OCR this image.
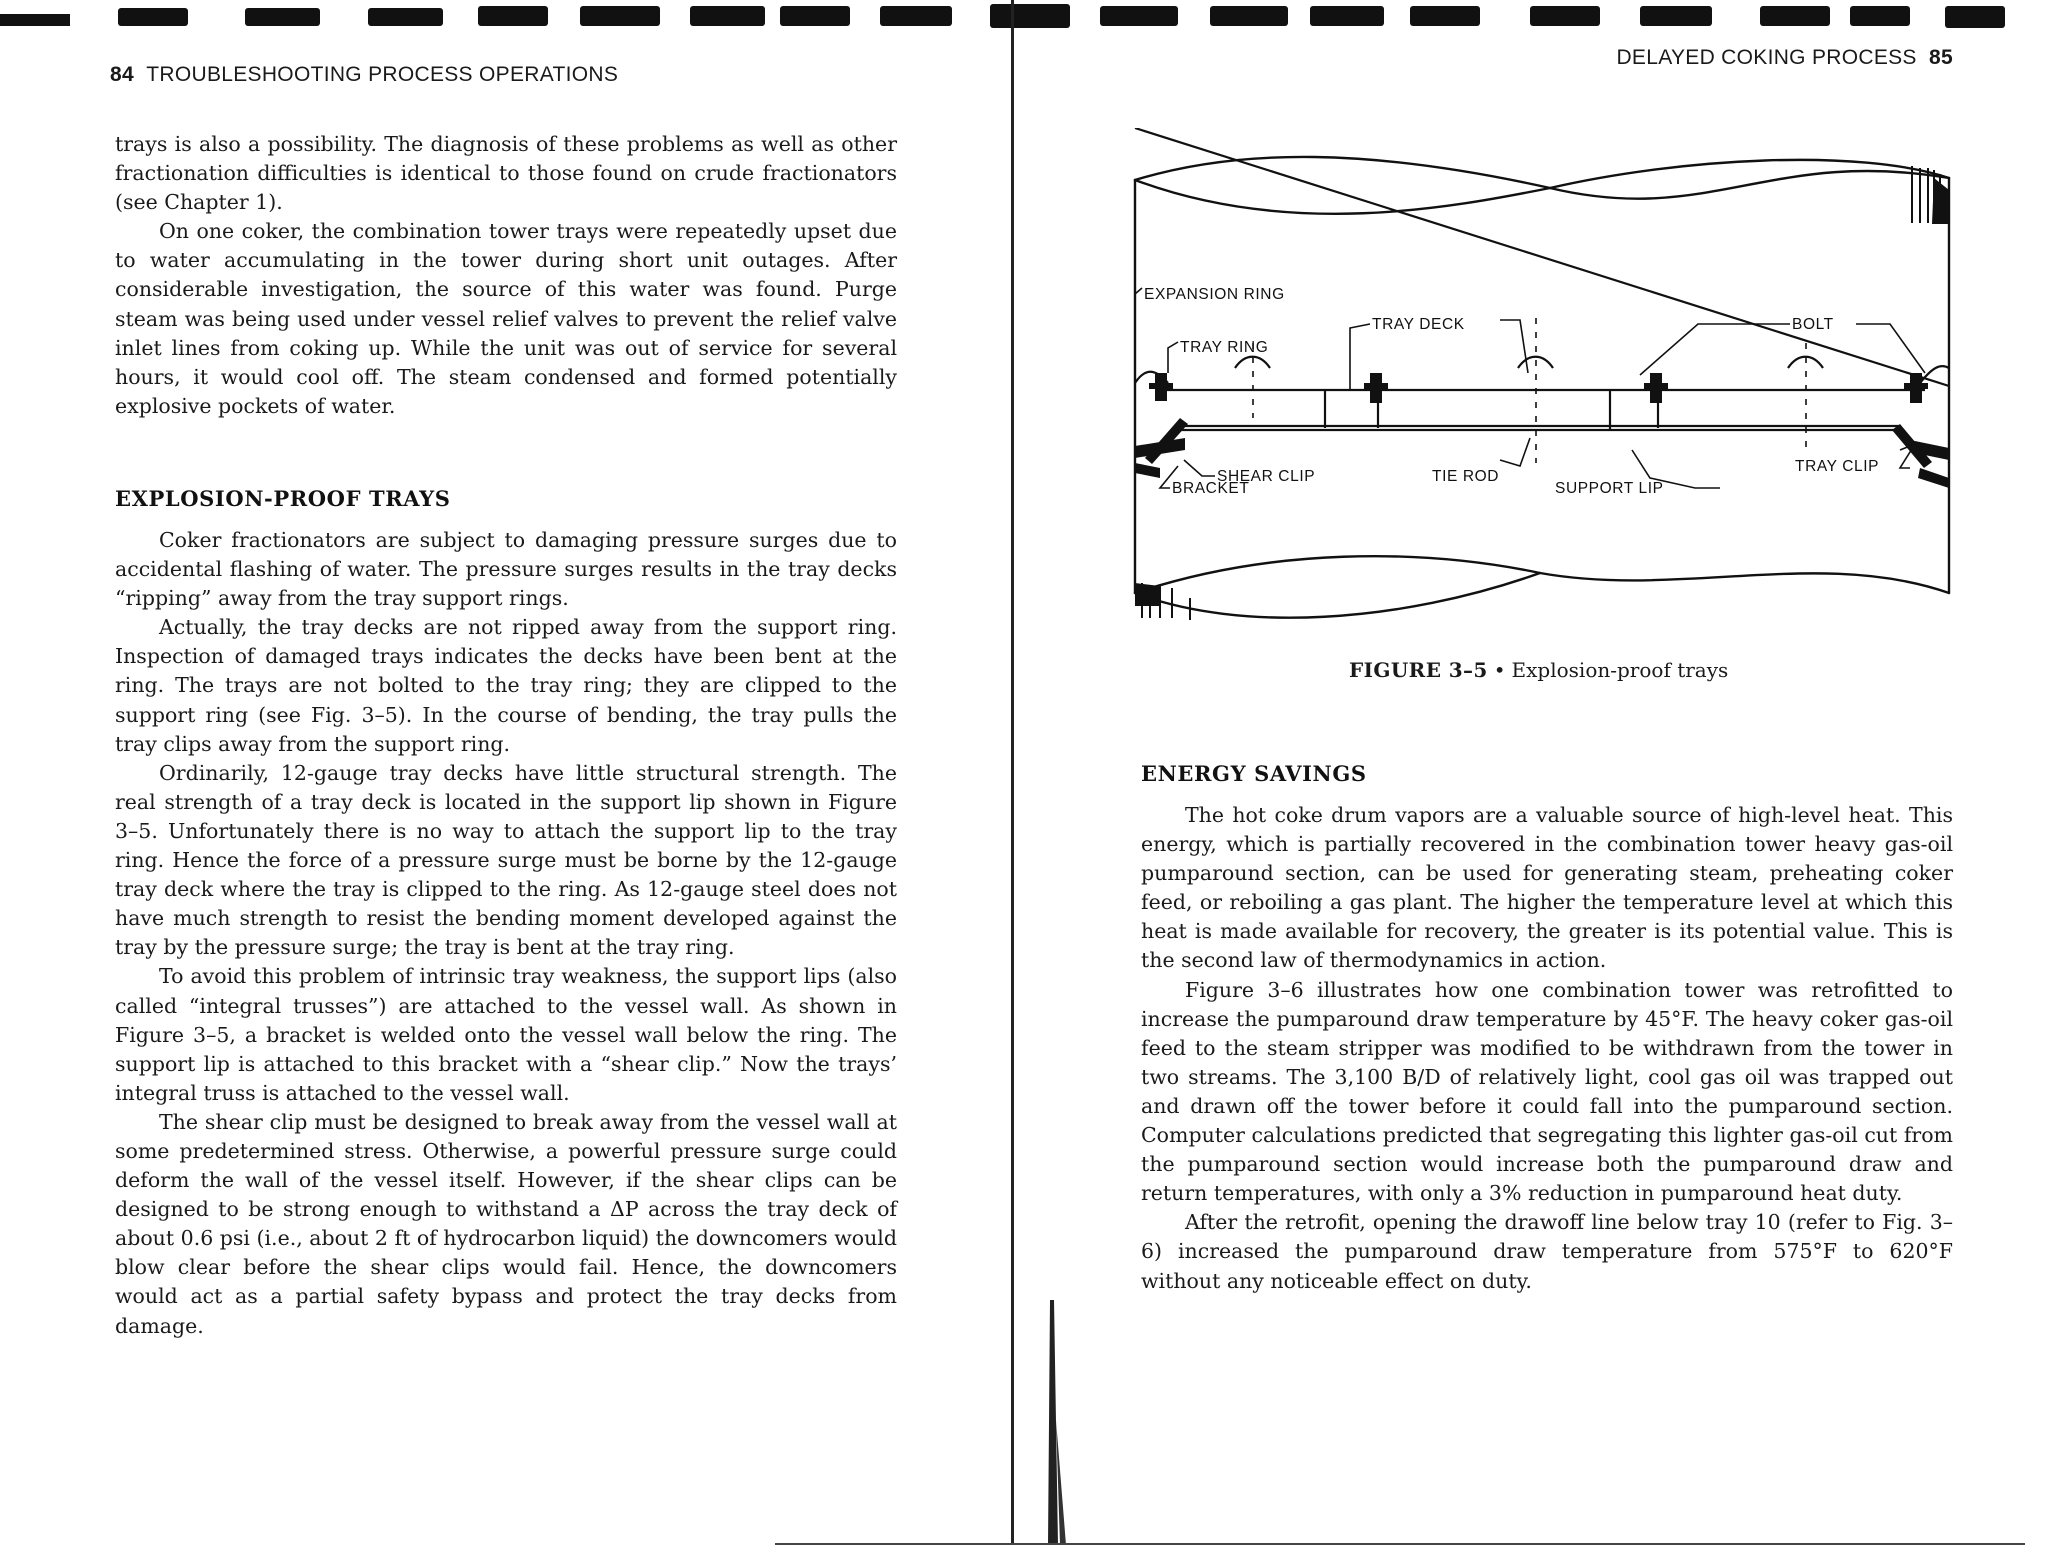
84 TROUBLESHOOTING PROCESS OPERATIONS

trays is also a possibility. The diagnosis of these problems as well as other fractionation difficulties is identical to those found on crude fractionators (see Chapter 1).

On one coker, the combination tower trays were repeatedly upset due to water accumulating in the tower during short unit outages. After considerable investigation, the source of this water was found. Purge steam was being used under vessel relief valves to prevent the relief valve inlet lines from coking up. While the unit was out of service for several hours, it would cool off. The steam condensed and formed potentially explosive pockets of water.

EXPLOSION-PROOF TRAYS

Coker fractionators are subject to damaging pressure surges due to accidental flashing of water. The pressure surges results in the tray decks “ripping” away from the tray support rings.

Actually, the tray decks are not ripped away from the support ring. Inspection of damaged trays indicates the decks have been bent at the ring. The trays are not bolted to the tray ring; they are clipped to the support ring (see Fig. 3–5). In the course of bending, the tray pulls the tray clips away from the support ring.

Ordinarily, 12-gauge tray decks have little structural strength. The real strength of a tray deck is located in the support lip shown in Figure 3–5. Unfortunately there is no way to attach the support lip to the tray ring. Hence the force of a pressure surge must be borne by the 12-gauge tray deck where the tray is clipped to the ring. As 12-gauge steel does not have much strength to resist the bending moment developed against the tray by the pressure surge; the tray is bent at the tray ring.

To avoid this problem of intrinsic tray weakness, the support lips (also called “integral trusses”) are attached to the vessel wall. As shown in Figure 3–5, a bracket is welded onto the vessel wall below the ring. The support lip is attached to this bracket with a “shear clip.” Now the trays’ integral truss is attached to the vessel wall.

The shear clip must be designed to break away from the vessel wall at some predetermined stress. Otherwise, a powerful pressure surge could deform the wall of the vessel itself. However, if the shear clips can be designed to be strong enough to withstand a ΔP across the tray deck of about 0.6 psi (i.e., about 2 ft of hydrocarbon liquid) the downcomers would blow clear before the shear clips would fail. Hence, the downcomers would act as a partial safety bypass and protect the tray decks from damage.

DELAYED COKING PROCESS 85
EXPANSION RING
TRAY RING
TRAY DECK	BOLT
SHEAR CLIP
BRACKET
TIE ROD
SUPPORT LIP
TRAY CLIP
FIGURE 3–5 • Explosion-proof trays
ENERGY SAVINGS

The hot coke drum vapors are a valuable source of high-level heat. This energy, which is partially recovered in the combination tower heavy gas-oil pumparound section, can be used for generating steam, preheating coker feed, or reboiling a gas plant. The higher the temperature level at which this heat is made available for recovery, the greater is its potential value. This is the second law of thermodynamics in action.

Figure 3–6 illustrates how one combination tower was retrofitted to increase the pumparound draw temperature by 45°F. The heavy coker gas-oil feed to the steam stripper was modified to be withdrawn from the tower in two streams. The 3,100 B/D of relatively light, cool gas oil was trapped out and drawn off the tower before it could fall into the pumparound section. Computer calculations predicted that segregating this lighter gas-oil cut from the pumparound section would increase both the pumparound draw and return temperatures, with only a 3% reduction in pumparound heat duty.

After the retrofit, opening the drawoff line below tray 10 (refer to Fig. 3–6) increased the pumparound draw temperature from 575°F to 620°F without any noticeable effect on duty.
